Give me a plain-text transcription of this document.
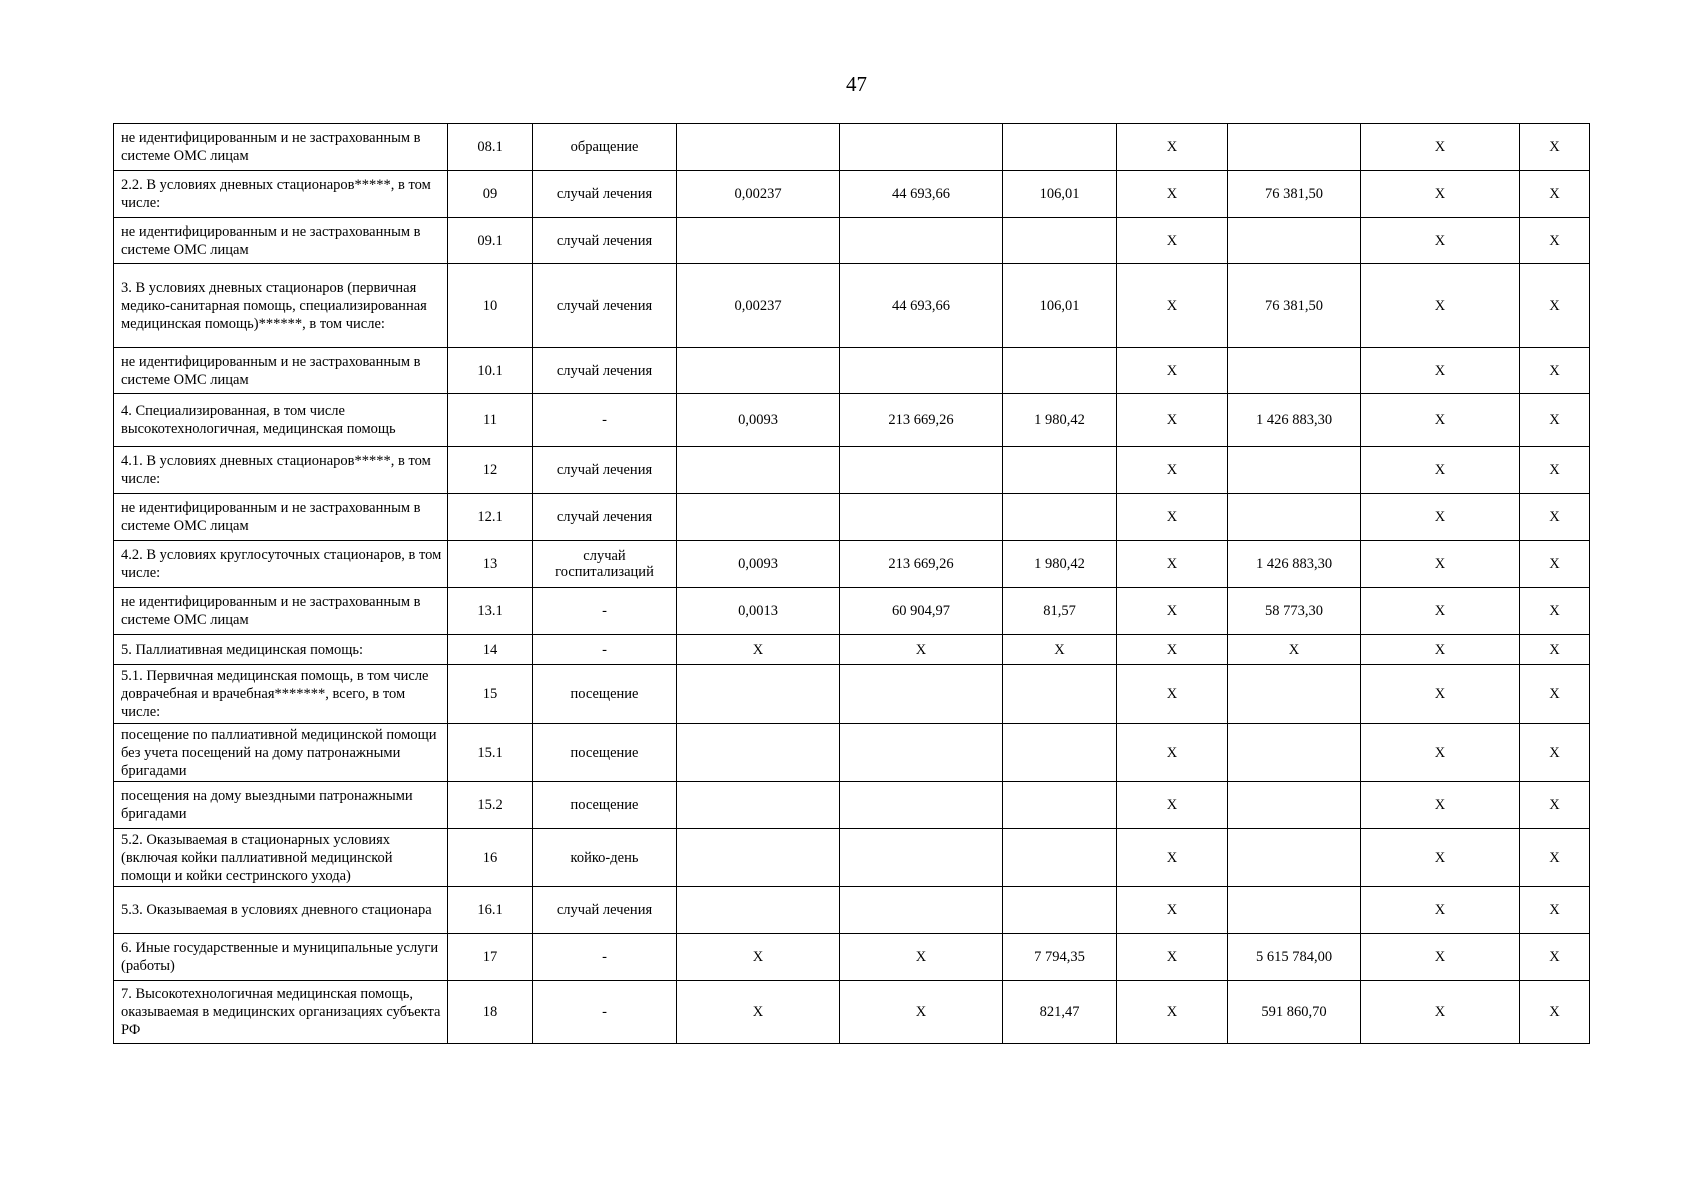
47
не идентифицированным и не застрахованным в системе ОМС лицам	08.1	обращение				X		X	X
2.2. В условиях дневных стационаров*****, в том числе:	09	случай лечения	0,00237	44 693,66	106,01	X	76 381,50	X	X
не идентифицированным и не застрахованным в системе ОМС лицам	09.1	случай лечения				X		X	X
3. В условиях дневных стационаров (первичная медико-санитарная помощь, специализированная медицинская помощь)******, в том числе:	10	случай лечения	0,00237	44 693,66	106,01	X	76 381,50	X	X
не идентифицированным и не застрахованным в системе ОМС лицам	10.1	случай лечения				X		X	X
4. Специализированная, в том числе высокотехнологичная, медицинская помощь	11	-	0,0093	213 669,26	1 980,42	X	1 426 883,30	X	X
4.1. В условиях дневных стационаров*****, в том числе:	12	случай лечения				X		X	X
не идентифицированным и не застрахованным в системе ОМС лицам	12.1	случай лечения				X		X	X
4.2. В условиях круглосуточных стационаров, в том числе:	13	случай госпитализаций	0,0093	213 669,26	1 980,42	X	1 426 883,30	X	X
не идентифицированным и не застрахованным в системе ОМС лицам	13.1	-	0,0013	60 904,97	81,57	X	58 773,30	X	X
5. Паллиативная медицинская помощь:	14	-	X	X	X	X	X	X	X
5.1. Первичная медицинская помощь, в том числе доврачебная и врачебная*******, всего, в том числе:	15	посещение				X		X	X
посещение по паллиативной медицинской помощи без учета посещений на дому патронажными бригадами	15.1	посещение				X		X	X
посещения на дому выездными патронажными бригадами	15.2	посещение				X		X	X
5.2. Оказываемая в стационарных условиях (включая койки паллиативной медицинской помощи и койки сестринского ухода)	16	койко-день				X		X	X
5.3. Оказываемая в условиях дневного стационара	16.1	случай лечения				X		X	X
6. Иные государственные и муниципальные услуги (работы)	17	-	X	X	7 794,35	X	5 615 784,00	X	X
7. Высокотехнологичная медицинская помощь, оказываемая в медицинских организациях субъекта РФ	18	-	X	X	821,47	X	591 860,70	X	X
